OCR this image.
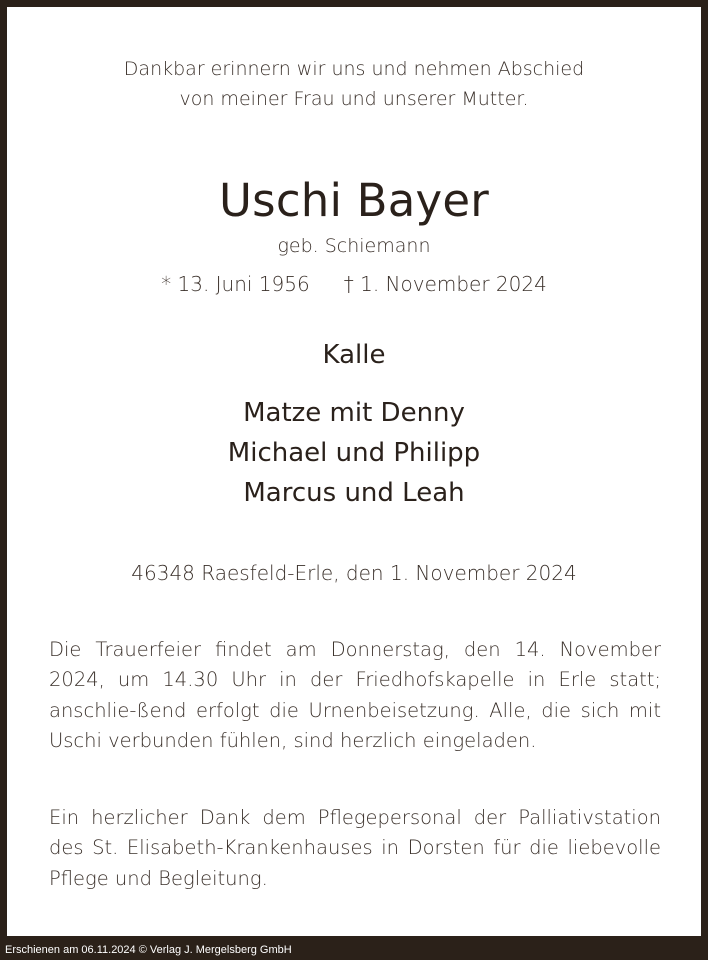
Dankbar erinnern wir uns und nehmen Abschied
von meiner Frau und unserer Mutter.
Uschi Bayer
geb. Schiemann
* 13. Juni 1956 † 1. November 2024
Kalle
Matze mit Denny
Michael und Philipp
Marcus und Leah
46348 Raesfeld-Erle, den 1. November 2024
Die Trauerfeier findet am Donnerstag, den 14. November 2024, um 14.30 Uhr in der Friedhofskapelle in Erle statt; anschlie-ßend erfolgt die Urnenbeisetzung. Alle, die sich mit Uschi verbunden fühlen, sind herzlich eingeladen.
Ein herzlicher Dank dem Pflegepersonal der Palliativstation des St. Elisabeth-Krankenhauses in Dorsten für die liebevolle Pflege und Begleitung.
Erschienen am 06.11.2024 © Verlag J. Mergelsberg GmbH
